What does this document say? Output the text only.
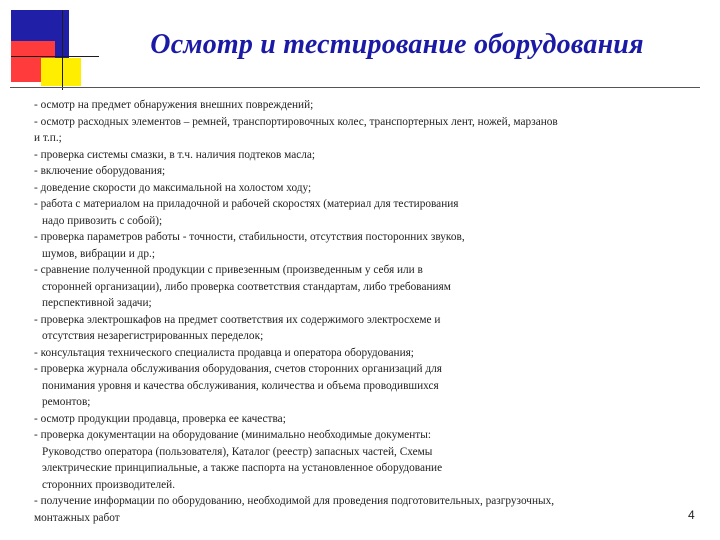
Осмотр и тестирование оборудования
- осмотр на предмет обнаружения внешних повреждений;
- осмотр расходных элементов – ремней, транспортировочных колес, транспортерных лент, ножей, марзанов
и т.п.;
- проверка системы смазки, в т.ч. наличия подтеков масла;
- включение оборудования;
- доведение скорости до максимальной на холостом ходу;
- работа с материалом на приладочной и рабочей скоростях (материал для тестирования
надо привозить с собой);
- проверка параметров работы - точности, стабильности, отсутствия посторонних звуков,
шумов, вибрации и др.;
- сравнение полученной продукции с привезенным (произведенным у себя или в
сторонней организации), либо проверка соответствия стандартам, либо требованиям
перспективной задачи;
- проверка электрошкафов на предмет соответствия их содержимого электросхеме и
отсутствия незарегистрированных переделок;
- консультация технического специалиста продавца и оператора оборудования;
- проверка журнала обслуживания оборудования, счетов сторонних организаций для
понимания уровня и качества обслуживания, количества и объема проводившихся
ремонтов;
- осмотр продукции продавца, проверка ее качества;
- проверка документации на оборудование (минимально необходимые документы:
Руководство оператора (пользователя), Каталог (реестр) запасных частей, Схемы
электрические принципиальные, а также паспорта на установленное оборудование
сторонних производителей.
- получение информации по оборудованию, необходимой для проведения подготовительных, разгрузочных,
монтажных работ	4
